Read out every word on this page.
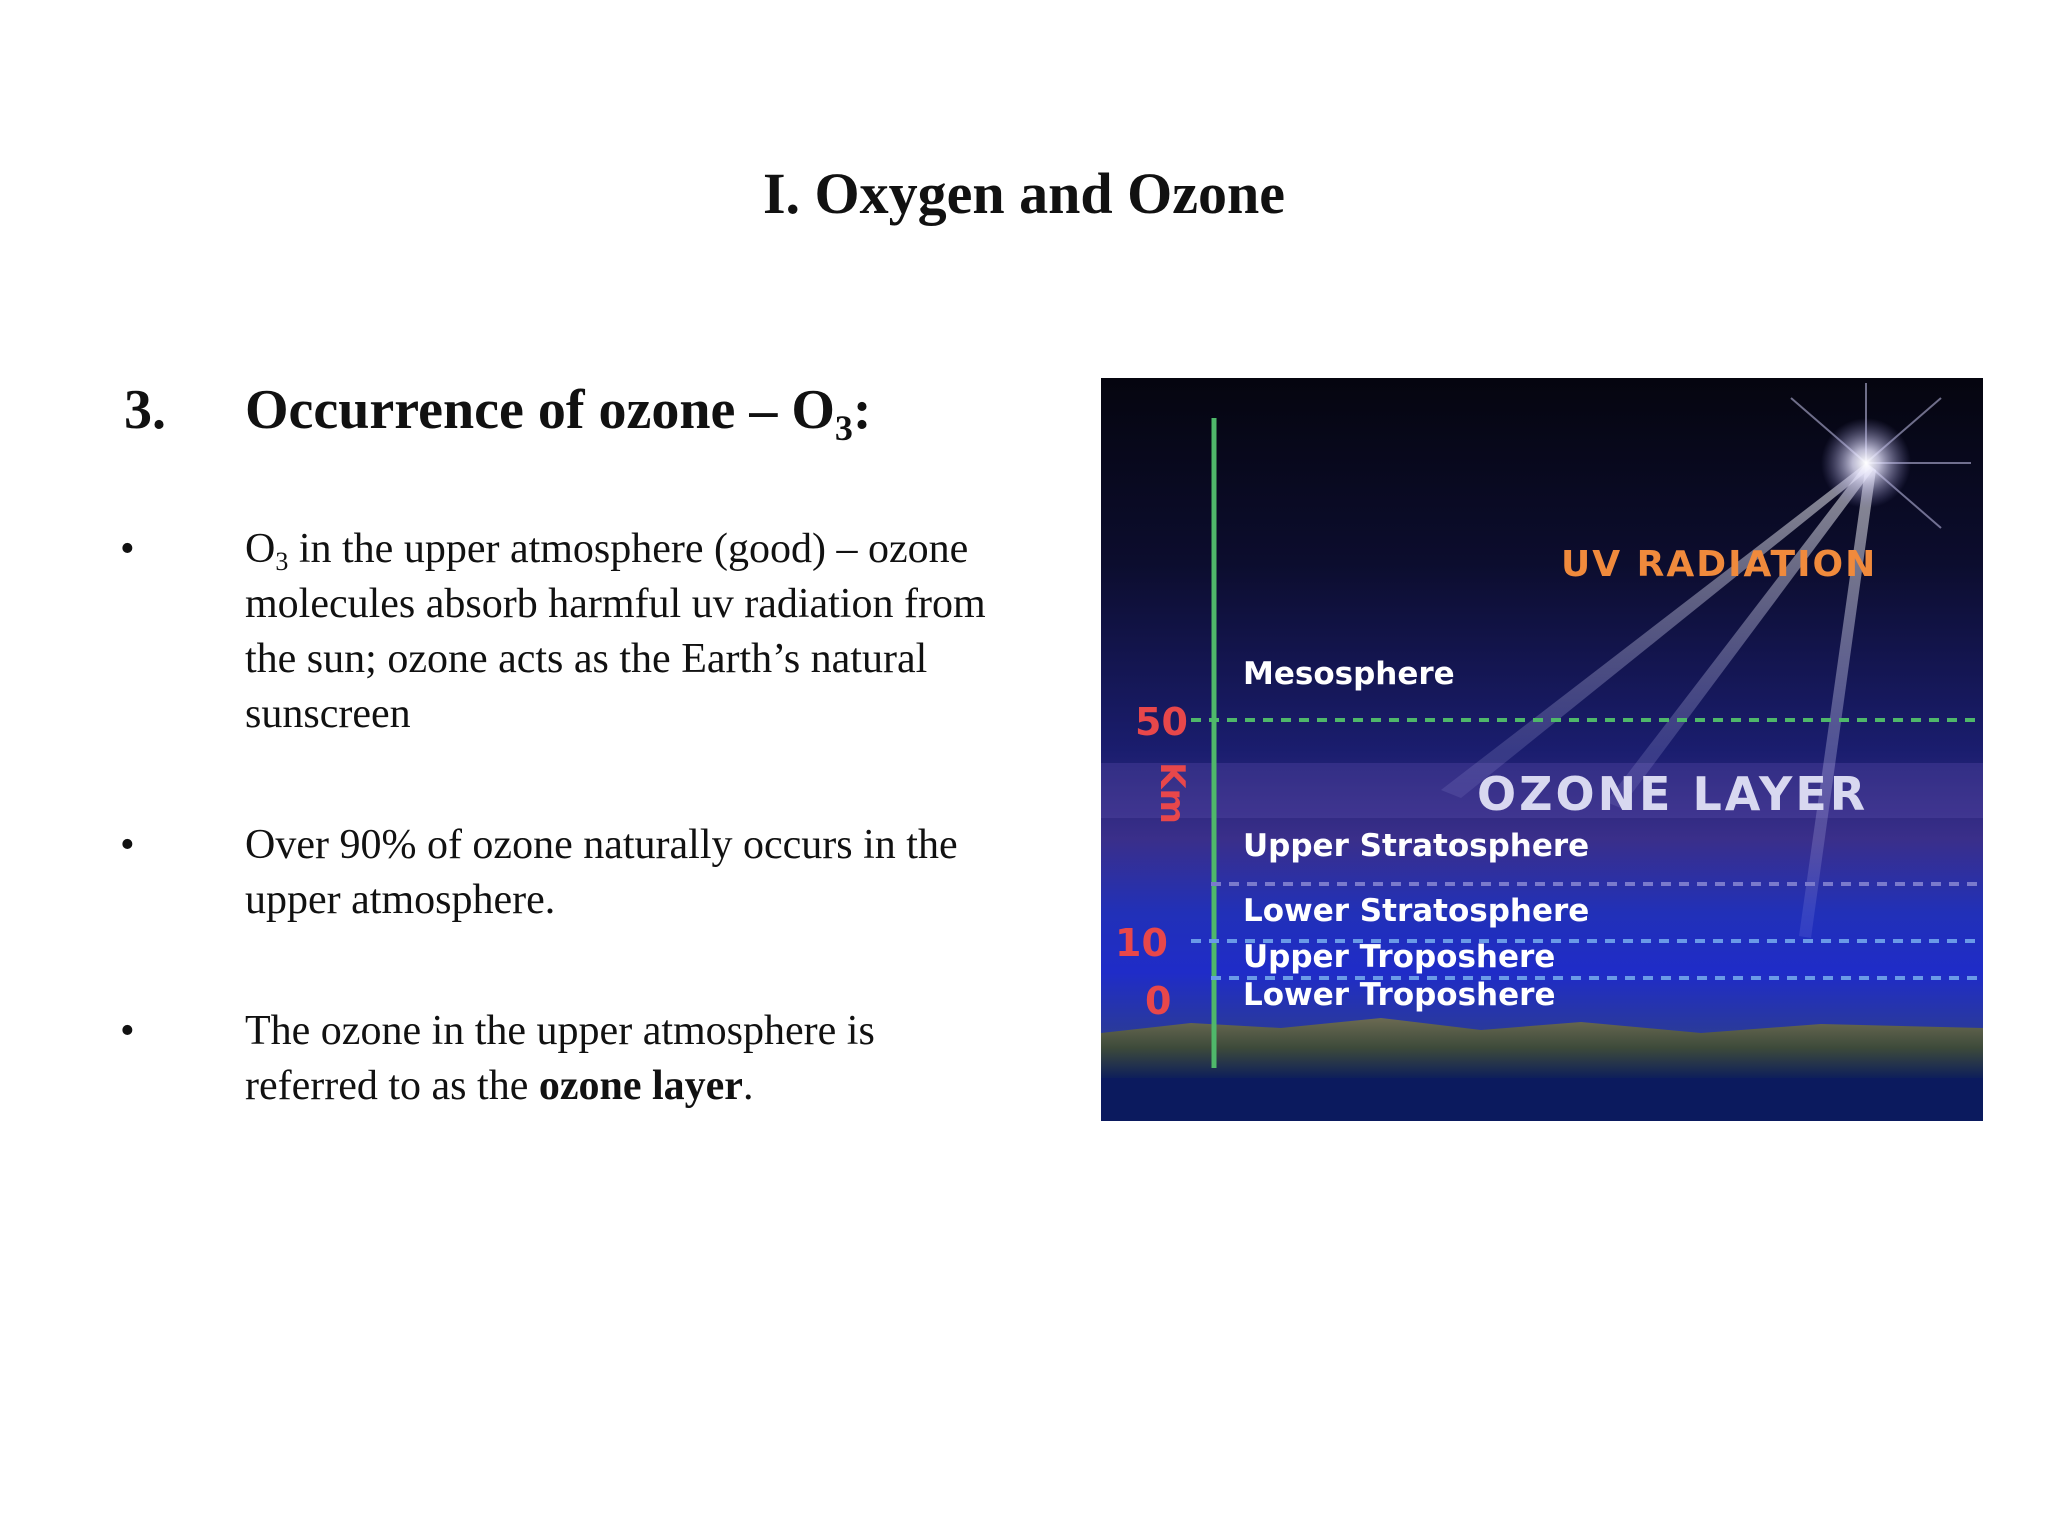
I. Oxygen and Ozone
3. Occurrence of ozone – $O_3$:
•	$O_3$ in the upper atmosphere (good) – ozone molecules absorb harmful uv radiation from the sun; ozone acts as the Earth’s natural sunscreen
•	Over 90% of ozone naturally occurs in the upper atmosphere.
•	The ozone in the upper atmosphere is referred to as the ozone layer.
50
10
0
Km
UV RADIATION
OZONE LAYER
Mesosphere
Upper Stratosphere
Lower Stratosphere
Upper Troposhere
Lower Troposhere
